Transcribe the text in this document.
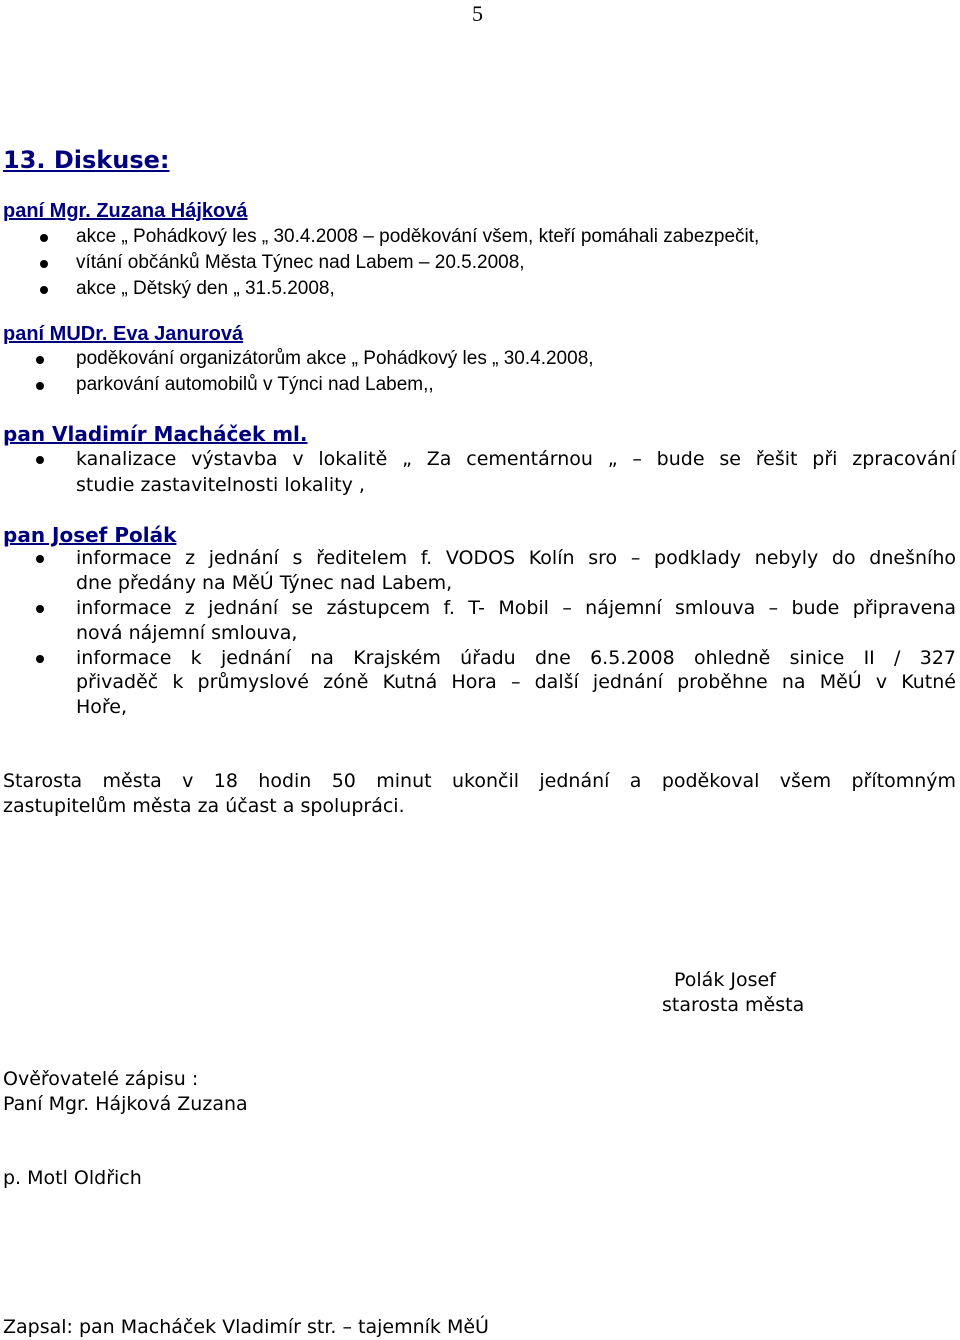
5
13. Diskuse:
paní Mgr. Zuzana Hájková
akce „ Pohádkový les „ 30.4.2008 – poděkování všem, kteří pomáhali zabezpečit,
vítání občánků Města Týnec nad Labem – 20.5.2008,
akce „ Dětský den „ 31.5.2008,
paní MUDr. Eva Janurová
poděkování organizátorům akce „ Pohádkový les „ 30.4.2008,
parkování automobilů v Týnci nad Labem,,
pan Vladimír Macháček ml.
kanalizace výstavba v lokalitě „ Za cementárnou „ – bude se řešit při zpracování
studie zastavitelnosti lokality ,
pan Josef Polák
informace z jednání s ředitelem f. VODOS Kolín sro – podklady nebyly do dnešního
dne předány na MěÚ Týnec nad Labem,
informace z jednání se zástupcem f. T- Mobil – nájemní smlouva – bude připravena
nová nájemní smlouva,
informace k jednání na Krajském úřadu dne 6.5.2008 ohledně sinice II / 327
přivaděč k průmyslové zóně Kutná Hora – další jednání proběhne na MěÚ v Kutné
Hoře,
Starosta města v 18 hodin 50 minut ukončil jednání a poděkoval všem přítomným
zastupitelům města za účast a spolupráci.
Polák Josef
starosta města
Ověřovatelé zápisu :
Paní Mgr. Hájková Zuzana
p. Motl Oldřich
Zapsal: pan Macháček Vladimír str. – tajemník MěÚ
